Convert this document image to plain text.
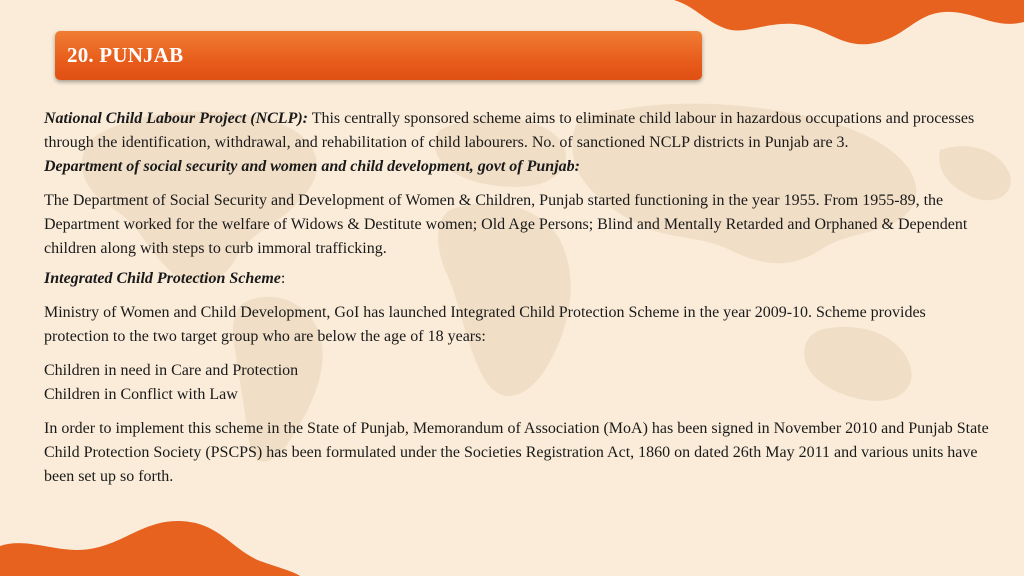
20. PUNJAB

National Child Labour Project (NCLP): This centrally sponsored scheme aims to eliminate child labour in hazardous occupations and processes through the identification, withdrawal, and rehabilitation of child labourers. No. of sanctioned NCLP districts in Punjab are 3.

Department of social security and women and child development, govt of Punjab:

The Department of Social Security and Development of Women & Children, Punjab started functioning in the year 1955. From 1955-89, the Department worked for the welfare of Widows & Destitute women; Old Age Persons; Blind and Mentally Retarded and Orphaned & Dependent children along with steps to curb immoral trafficking.

Integrated Child Protection Scheme:

Ministry of Women and Child Development, GoI has launched Integrated Child Protection Scheme in the year 2009-10. Scheme provides protection to the two target group who are below the age of 18 years:

Children in need in Care and Protection

Children in Conflict with Law

In order to implement this scheme in the State of Punjab, Memorandum of Association (MoA) has been signed in November 2010 and Punjab State Child Protection Society (PSCPS) has been formulated under the Societies Registration Act, 1860 on dated 26th May 2011 and various units have been set up so forth.
